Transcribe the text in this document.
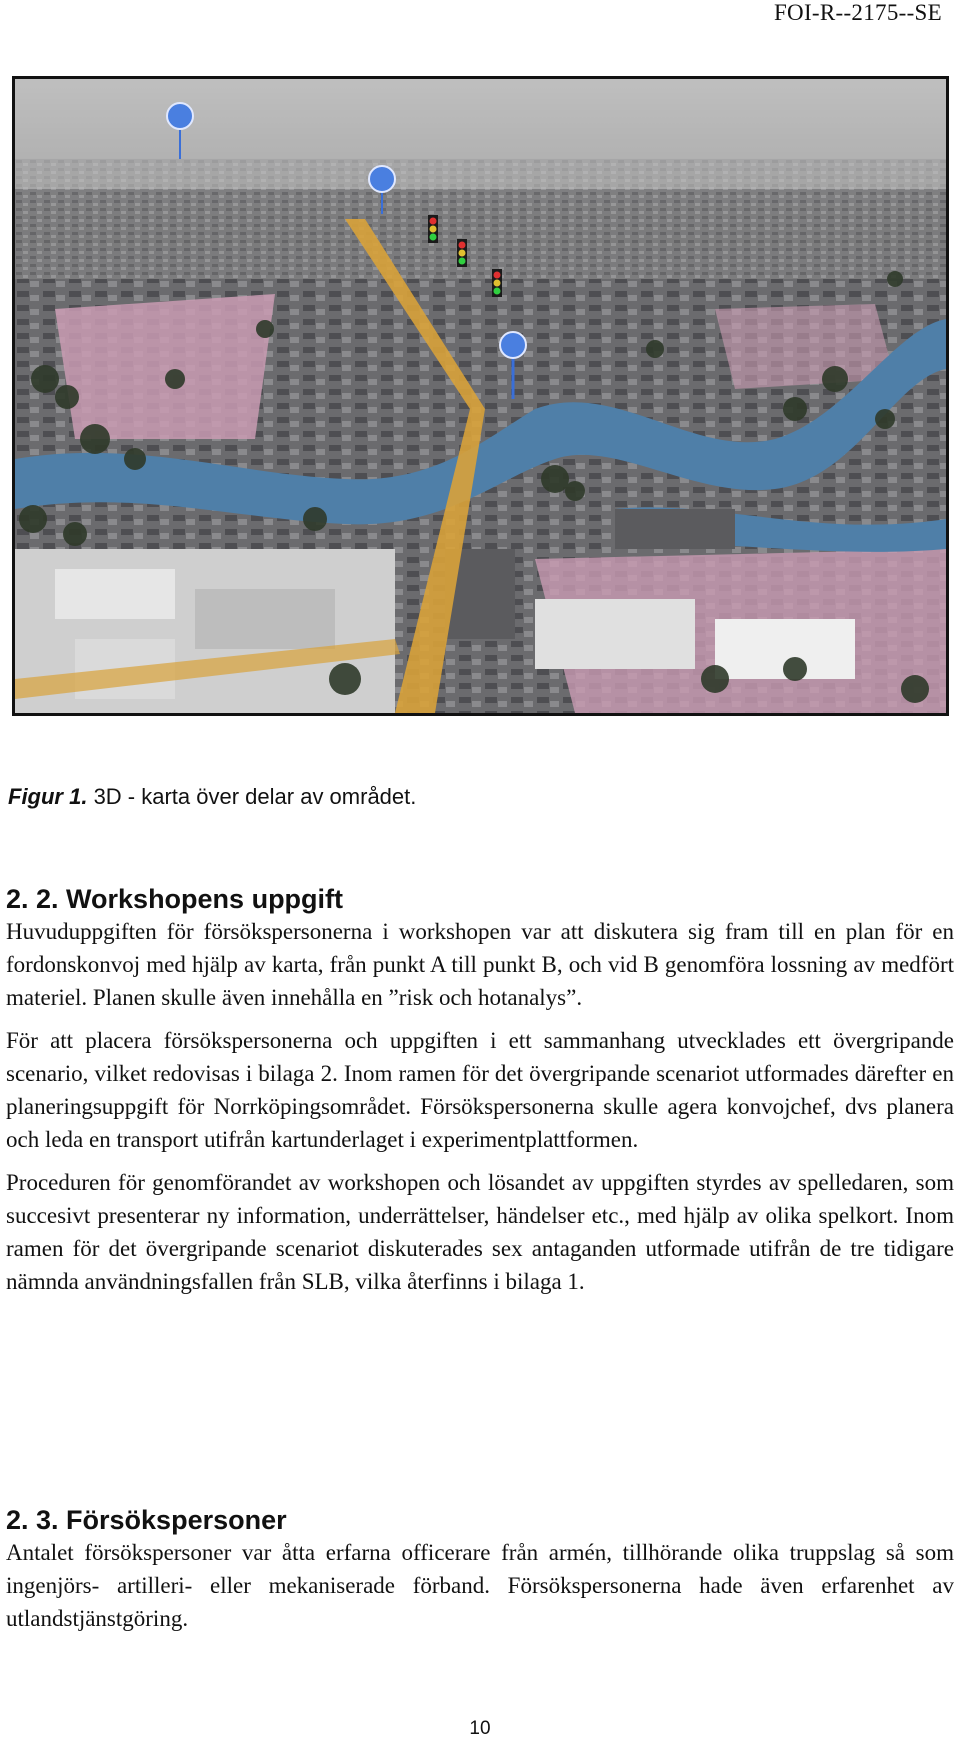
FOI-R--2175--SE
Figur 1. 3D - karta över delar av området.
2. 2. Workshopens uppgift

Huvuduppgiften för försökspersonerna i workshopen var att diskutera sig fram till en plan för en fordonskonvoj med hjälp av karta, från punkt A till punkt B, och vid B genomföra lossning av medfört materiel. Planen skulle även innehålla en ”risk och hotanalys”.

För att placera försökspersonerna och uppgiften i ett sammanhang utvecklades ett övergripande scenario, vilket redovisas i bilaga 2. Inom ramen för det övergripande scenariot utformades därefter en planeringsuppgift för Norrköpingsområdet. Försökspersonerna skulle agera konvojchef, dvs planera och leda en transport utifrån kartunderlaget i experimentplattformen.

Proceduren för genomförandet av workshopen och lösandet av uppgiften styrdes av spelledaren, som succesivt presenterar ny information, underrättelser, händelser etc., med hjälp av olika spelkort. Inom ramen för det övergripande scenariot diskuterades sex antaganden utformade utifrån de tre tidigare nämnda användningsfallen från SLB, vilka återfinns i bilaga 1.

2. 3. Försökspersoner

Antalet försökspersoner var åtta erfarna officerare från armén, tillhörande olika truppslag så som ingenjörs- artilleri- eller mekaniserade förband. Försökspersonerna hade även erfarenhet av utlandstjänstgöring.

10
